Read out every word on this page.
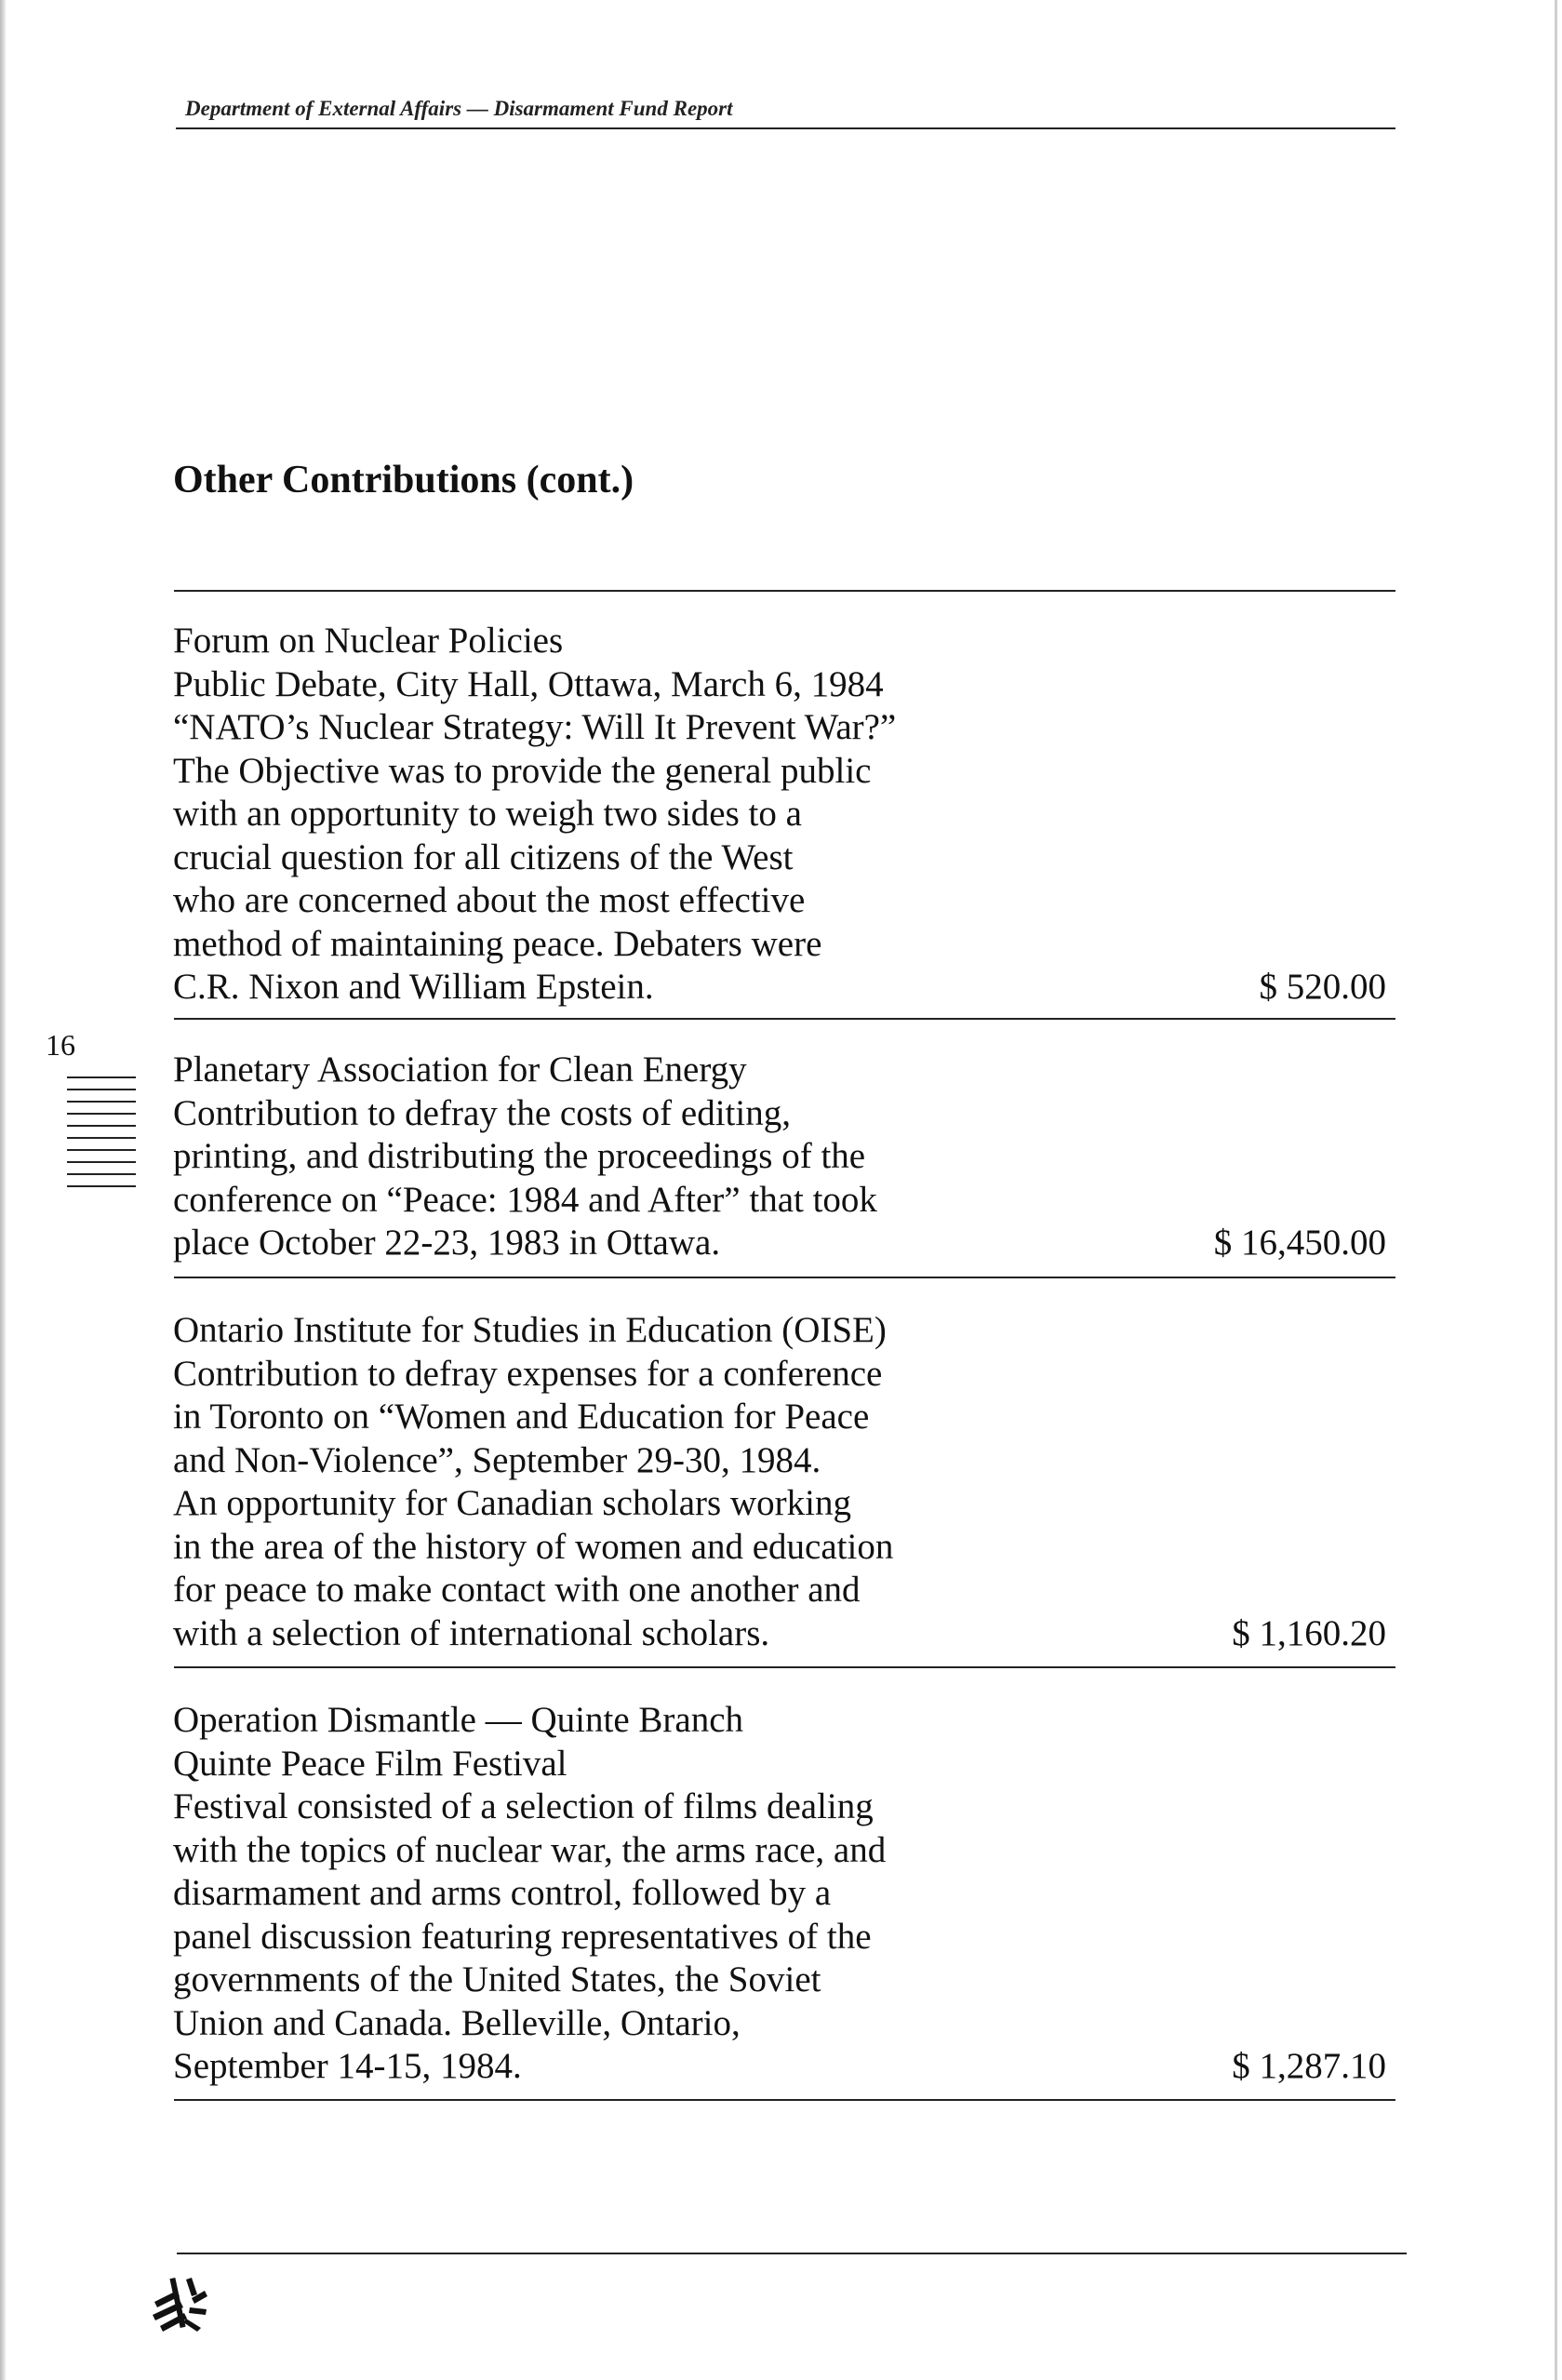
Department of External Affairs — Disarmament Fund Report
Other Contributions (cont.)
Forum on Nuclear Policies
Public Debate, City Hall, Ottawa, March 6, 1984
“NATO’s Nuclear Strategy: Will It Prevent War?”
The Objective was to provide the general public
with an opportunity to weigh two sides to a
crucial question for all citizens of the West
who are concerned about the most effective
method of maintaining peace. Debaters were
C.R. Nixon and William Epstein.	$ 520.00
Planetary Association for Clean Energy
Contribution to defray the costs of editing,
printing, and distributing the proceedings of the
conference on “Peace: 1984 and After” that took
place October 22-23, 1983 in Ottawa.	$ 16,450.00
Ontario Institute for Studies in Education (OISE)
Contribution to defray expenses for a conference
in Toronto on “Women and Education for Peace
and Non-Violence”, September 29-30, 1984.
An opportunity for Canadian scholars working
in the area of the history of women and education
for peace to make contact with one another and
with a selection of international scholars.	$ 1,160.20
Operation Dismantle — Quinte Branch
Quinte Peace Film Festival
Festival consisted of a selection of films dealing
with the topics of nuclear war, the arms race, and
disarmament and arms control, followed by a
panel discussion featuring representatives of the
governments of the United States, the Soviet
Union and Canada. Belleville, Ontario,
September 14-15, 1984.	$ 1,287.10
16
